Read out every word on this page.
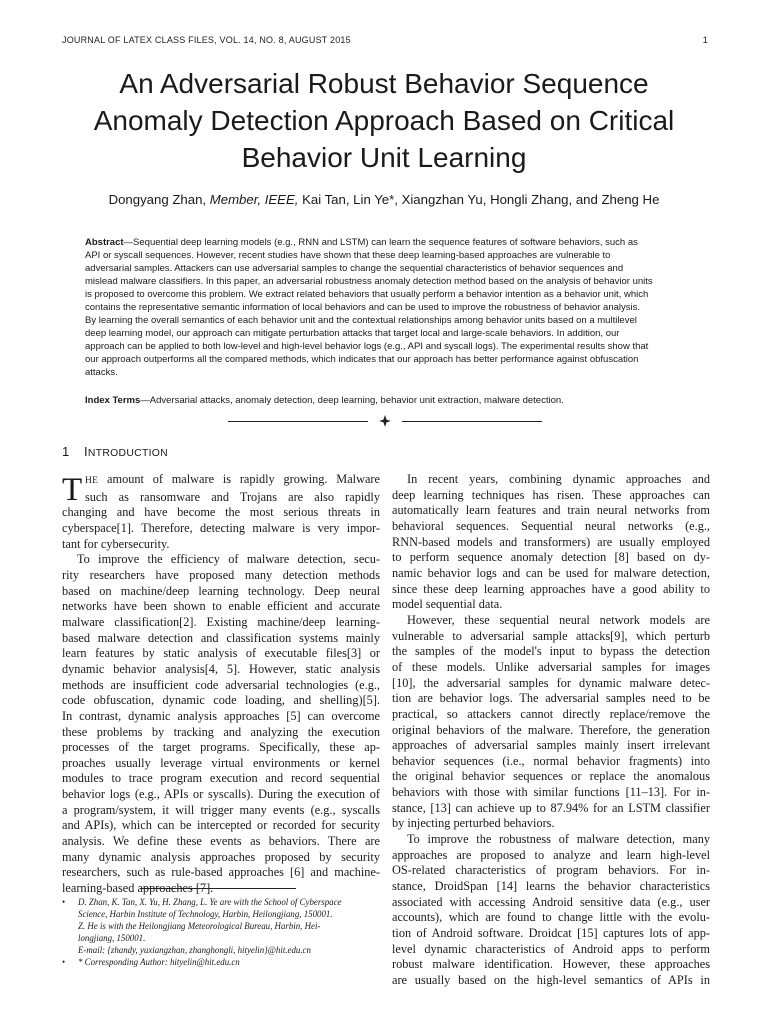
JOURNAL OF LATEX CLASS FILES, VOL. 14, NO. 8, AUGUST 2015	1
An Adversarial Robust Behavior Sequence
Anomaly Detection Approach Based on Critical
Behavior Unit Learning
Dongyang Zhan, Member, IEEE, Kai Tan, Lin Ye*, Xiangzhan Yu, Hongli Zhang, and Zheng He
Abstract—Sequential deep learning models (e.g., RNN and LSTM) can learn the sequence features of software behaviors, such as
API or syscall sequences. However, recent studies have shown that these deep learning-based approaches are vulnerable to
adversarial samples. Attackers can use adversarial samples to change the sequential characteristics of behavior sequences and
mislead malware classifiers. In this paper, an adversarial robustness anomaly detection method based on the analysis of behavior units
is proposed to overcome this problem. We extract related behaviors that usually perform a behavior intention as a behavior unit, which
contains the representative semantic information of local behaviors and can be used to improve the robustness of behavior analysis.
By learning the overall semantics of each behavior unit and the contextual relationships among behavior units based on a multilevel
deep learning model, our approach can mitigate perturbation attacks that target local and large-scale behaviors. In addition, our
approach can be applied to both low-level and high-level behavior logs (e.g., API and syscall logs). The experimental results show that
our approach outperforms all the compared methods, which indicates that our approach has better performance against obfuscation
attacks.
Index Terms—Adversarial attacks, anomaly detection, deep learning, behavior unit extraction, malware detection.
1 INTRODUCTION
T HE amount of malware is rapidly growing. Malware
such as ransomware and Trojans are also rapidly
changing and have become the most serious threats in
cyberspace[1]. Therefore, detecting malware is very impor-
tant for cybersecurity.
To improve the efficiency of malware detection, secu-
rity researchers have proposed many detection methods
based on machine/deep learning technology. Deep neural
networks have been shown to enable efficient and accurate
malware classification[2]. Existing machine/deep learning-
based malware detection and classification systems mainly
learn features by static analysis of executable files[3] or
dynamic behavior analysis[4, 5]. However, static analysis
methods are insufficient code adversarial technologies (e.g.,
code obfuscation, dynamic code loading, and shelling)[5].
In contrast, dynamic analysis approaches [5] can overcome
these problems by tracking and analyzing the execution
processes of the target programs. Specifically, these ap-
proaches usually leverage virtual environments or kernel
modules to trace program execution and record sequential
behavior logs (e.g., APIs or syscalls). During the execution of
a program/system, it will trigger many events (e.g., syscalls
and APIs), which can be intercepted or recorded for security
analysis. We define these events as behaviors. There are
many dynamic analysis approaches proposed by security
researchers, such as rule-based approaches [6] and machine-
learning-based approaches [7].
In recent years, combining dynamic approaches and
deep learning techniques has risen. These approaches can
automatically learn features and train neural networks from
behavioral sequences. Sequential neural networks (e.g.,
RNN-based models and transformers) are usually employed
to perform sequence anomaly detection [8] based on dy-
namic behavior logs and can be used for malware detection,
since these deep learning approaches have a good ability to
model sequential data.
However, these sequential neural network models are
vulnerable to adversarial sample attacks[9], which perturb
the samples of the model's input to bypass the detection
of these models. Unlike adversarial samples for images
[10], the adversarial samples for dynamic malware detec-
tion are behavior logs. The adversarial samples need to be
practical, so attackers cannot directly replace/remove the
original behaviors of the malware. Therefore, the generation
approaches of adversarial samples mainly insert irrelevant
behavior sequences (i.e., normal behavior fragments) into
the original behavior sequences or replace the anomalous
behaviors with those with similar functions [11–13]. For in-
stance, [13] can achieve up to 87.94% for an LSTM classifier
by injecting perturbed behaviors.
To improve the robustness of malware detection, many
approaches are proposed to analyze and learn high-level
OS-related characteristics of program behaviors. For in-
stance, DroidSpan [14] learns the behavior characteristics
associated with accessing Android sensitive data (e.g., user
accounts), which are found to change little with the evolu-
tion of Android software. Droidcat [15] captures lots of app-
level dynamic characteristics of Android apps to perform
robust malware identification. However, these approaches
are usually based on the high-level semantics of APIs in
• D. Zhan, K. Tan, X. Yu, H. Zhang, L. Ye are with the School of Cyberspace
Science, Harbin Institute of Technology, Harbin, Heilongjiang, 150001.
Z. He is with the Heilongjiang Meteorological Bureau, Harbin, Hei-
longjiang, 150001.
E-mail: {zhandy, yuxiangzhan, zhanghongli, hityelin}@hit.edu.cn
• * Corresponding Author: hityelin@hit.edu.cn
